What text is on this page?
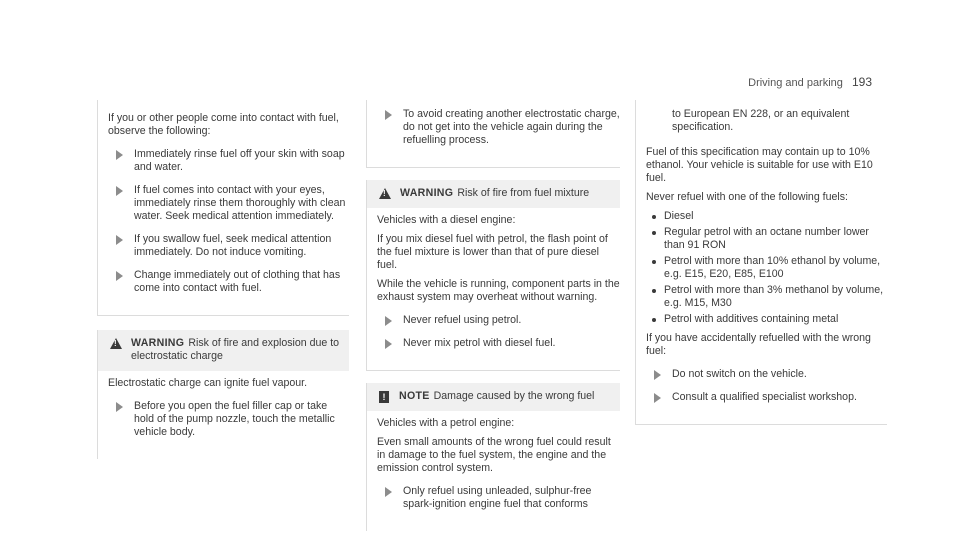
Driving and parking 193

If you or other people come into contact with fuel, observe the following:

Immediately rinse fuel off your skin with soap and water.
If fuel comes into contact with your eyes, immediately rinse them thoroughly with clean water. Seek medical attention immediately.
If you swallow fuel, seek medical attention immediately. Do not induce vomiting.
Change immediately out of clothing that has come into contact with fuel.
!
WARNING Risk of fire and explosion due to electrostatic charge

Electrostatic charge can ignite fuel vapour.

Before you open the fuel filler cap or take hold of the pump nozzle, touch the metallic vehicle body.
To avoid creating another electrostatic charge, do not get into the vehicle again during the refuelling process.
!
WARNING Risk of fire from fuel mixture

Vehicles with a diesel engine:

If you mix diesel fuel with petrol, the flash point of the fuel mixture is lower than that of pure diesel fuel.

While the vehicle is running, component parts in the exhaust system may overheat without warning.

Never refuel using petrol.
Never mix petrol with diesel fuel.
!	NOTE Damage caused by the wrong fuel

Vehicles with a petrol engine:

Even small amounts of the wrong fuel could result in damage to the fuel system, the engine and the emission control system.

Only refuel using unleaded, sulphur-free spark-ignition engine fuel that conforms
to European EN 228, or an equivalent specification.

Fuel of this specification may contain up to 10% ethanol. Your vehicle is suitable for use with E10 fuel.

Never refuel with one of the following fuels:

Diesel
Regular petrol with an octane number lower than 91 RON
Petrol with more than 10% ethanol by volume, e.g. E15, E20, E85, E100
Petrol with more than 3% methanol by volume, e.g. M15, M30
Petrol with additives containing metal

If you have accidentally refuelled with the wrong fuel:

Do not switch on the vehicle.
Consult a qualified specialist workshop.
